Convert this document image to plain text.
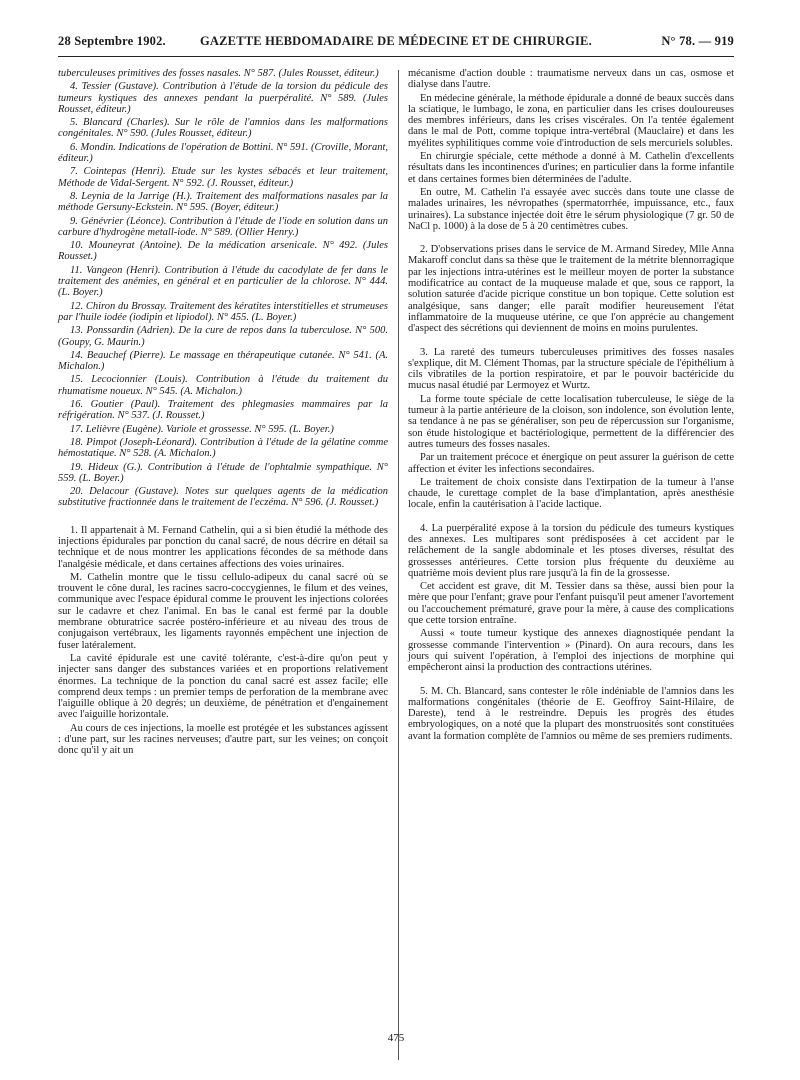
28 Septembre 1902.	GAZETTE HEBDOMADAIRE DE MÉDECINE ET DE CHIRURGIE.	N° 78. — 919

tuberculeuses primitives des fosses nasales. N° 587. (Jules Rousset, éditeur.)

4. Tessier (Gustave). Contribution à l'étude de la torsion du pédicule des tumeurs kystiques des annexes pendant la puerpéralité. N° 589. (Jules Rousset, éditeur.)

5. Blancard (Charles). Sur le rôle de l'amnios dans les malformations congénitales. N° 590. (Jules Rousset, éditeur.)

6. Mondin. Indications de l'opération de Bottini. N° 591. (Croville, Morant, éditeur.)

7. Cointepas (Henri). Etude sur les kystes sébacés et leur traitement, Méthode de Vidal-Sergent. N° 592. (J. Rousset, éditeur.)

8. Leynia de la Jarrige (H.). Traitement des malformations nasales par la méthode Gersuny-Eckstein. N° 595. (Boyer, éditeur.)

9. Génévrier (Léonce). Contribution à l'étude de l'iode en solution dans un carbure d'hydrogène metall-iode. N° 589. (Ollier Henry.)

10. Mouneyrat (Antoine). De la médication arsenicale. N° 492. (Jules Rousset.)

11. Vangeon (Henri). Contribution à l'étude du cacodylate de fer dans le traitement des anémies, en général et en particulier de la chlorose. N° 444. (L. Boyer.)

12. Chiron du Brossay. Traitement des kératites interstitielles et strumeuses par l'huile iodée (iodipin et lipiodol). N° 455. (L. Boyer.)

13. Ponssardin (Adrien). De la cure de repos dans la tuberculose. N° 500. (Goupy, G. Maurin.)

14. Beauchef (Pierre). Le massage en thérapeutique cutanée. N° 541. (A. Michalon.)

15. Lecocionnier (Louis). Contribution à l'étude du traitement du rhumatisme noueux. N° 545. (A. Michalon.)

16. Goutier (Paul). Traitement des phlegmasies mammaires par la réfrigération. N° 537. (J. Rousset.)

17. Lelièvre (Eugène). Variole et grossesse. N° 595. (L. Boyer.)

18. Pimpot (Joseph-Léonard). Contribution à l'étude de la gélatine comme hémostatique. N° 528. (A. Michalon.)

19. Hideux (G.). Contribution à l'étude de l'ophtalmie sympathique. N° 559. (L. Boyer.)

20. Delacour (Gustave). Notes sur quelques agents de la médication substitutive fractionnée dans le traitement de l'eczéma. N° 596. (J. Rousset.)

1. Il appartenait à M. Fernand Cathelin, qui a si bien étudié la méthode des injections épidurales par ponction du canal sacré, de nous décrire en détail sa technique et de nous montrer les applications fécondes de sa méthode dans l'analgésie médicale, et dans certaines affections des voies urinaires.

M. Cathelin montre que le tissu cellulo-adipeux du canal sacré où se trouvent le cône dural, les racines sacro-coccygiennes, le filum et des veines, communique avec l'espace épidural comme le prouvent les injections colorées sur le cadavre et chez l'animal. En bas le canal est fermé par la double membrane obturatrice sacrée postéro-inférieure et au niveau des trous de conjugaison vertébraux, les ligaments rayonnés empêchent une injection de fuser latéralement.

La cavité épidurale est une cavité tolérante, c'est-à-dire qu'on peut y injecter sans danger des substances variées et en proportions relativement énormes. La technique de la ponction du canal sacré est assez facile; elle comprend deux temps : un premier temps de perforation de la membrane avec l'aiguille oblique à 20 degrés; un deuxième, de pénétration et d'engainement avec l'aiguille horizontale.

Au cours de ces injections, la moelle est protégée et les substances agissent : d'une part, sur les racines nerveuses; d'autre part, sur les veines; on conçoit donc qu'il y ait un

mécanisme d'action double : traumatisme nerveux dans un cas, osmose et dialyse dans l'autre.

En médecine générale, la méthode épidurale a donné de beaux succès dans la sciatique, le lumbago, le zona, en particulier dans les crises douloureuses des membres inférieurs, dans les crises viscérales. On l'a tentée également dans le mal de Pott, comme topique intra-vertébral (Mauclaire) et dans les myélites syphilitiques comme voie d'introduction de sels mercuriels solubles.

En chirurgie spéciale, cette méthode a donné à M. Cathelin d'excellents résultats dans les incontinences d'urines; en particulier dans la forme infantile et dans certaines formes bien déterminées de l'adulte.

En outre, M. Cathelin l'a essayée avec succès dans toute une classe de malades urinaires, les névropathes (spermatorrhée, impuissance, etc., faux urinaires). La substance injectée doit être le sérum physiologique (7 gr. 50 de NaCl p. 1000) à la dose de 5 à 20 centimètres cubes.

2. D'observations prises dans le service de M. Armand Siredey, Mlle Anna Makaroff conclut dans sa thèse que le traitement de la métrite blennorragique par les injections intra-utérines est le meilleur moyen de porter la substance modificatrice au contact de la muqueuse malade et que, sous ce rapport, la solution saturée d'acide picrique constitue un bon topique. Cette solution est analgésique, sans danger; elle paraît modifier heureusement l'état inflammatoire de la muqueuse utérine, ce que l'on apprécie au changement d'aspect des sécrétions qui deviennent de moins en moins purulentes.

3. La rareté des tumeurs tuberculeuses primitives des fosses nasales s'explique, dit M. Clément Thomas, par la structure spéciale de l'épithélium à cils vibratiles de la portion respiratoire, et par le pouvoir bactéricide du mucus nasal étudié par Lermoyez et Wurtz.

La forme toute spéciale de cette localisation tuberculeuse, le siège de la tumeur à la partie antérieure de la cloison, son indolence, son évolution lente, sa tendance à ne pas se généraliser, son peu de répercussion sur l'organisme, son étude histologique et bactériologique, permettent de la différencier des autres tumeurs des fosses nasales.

Par un traitement précoce et énergique on peut assurer la guérison de cette affection et éviter les infections secondaires.

Le traitement de choix consiste dans l'extirpation de la tumeur à l'anse chaude, le curettage complet de la base d'implantation, après anesthésie locale, enfin la cautérisation à l'acide lactique.

4. La puerpéralité expose à la torsion du pédicule des tumeurs kystiques des annexes. Les multipares sont prédisposées à cet accident par le relâchement de la sangle abdominale et les ptoses diverses, résultat des grossesses antérieures. Cette torsion plus fréquente du deuxième au quatrième mois devient plus rare jusqu'à la fin de la grossesse.

Cet accident est grave, dit M. Tessier dans sa thèse, aussi bien pour la mère que pour l'enfant; grave pour l'enfant puisqu'il peut amener l'avortement ou l'accouchement prématuré, grave pour la mère, à cause des complications que cette torsion entraîne.

Aussi « toute tumeur kystique des annexes diagnostiquée pendant la grossesse commande l'intervention » (Pinard). On aura recours, dans les jours qui suivent l'opération, à l'emploi des injections de morphine qui empêcheront ainsi la production des contractions utérines.

5. M. Ch. Blancard, sans contester le rôle indéniable de l'amnios dans les malformations congénitales (théorie de E. Geoffroy Saint-Hilaire, de Dareste), tend à le restreindre. Depuis les progrès des études embryologiques, on a noté que la plupart des monstruosités sont constituées avant la formation complète de l'amnios ou même de ses premiers rudiments.

475
